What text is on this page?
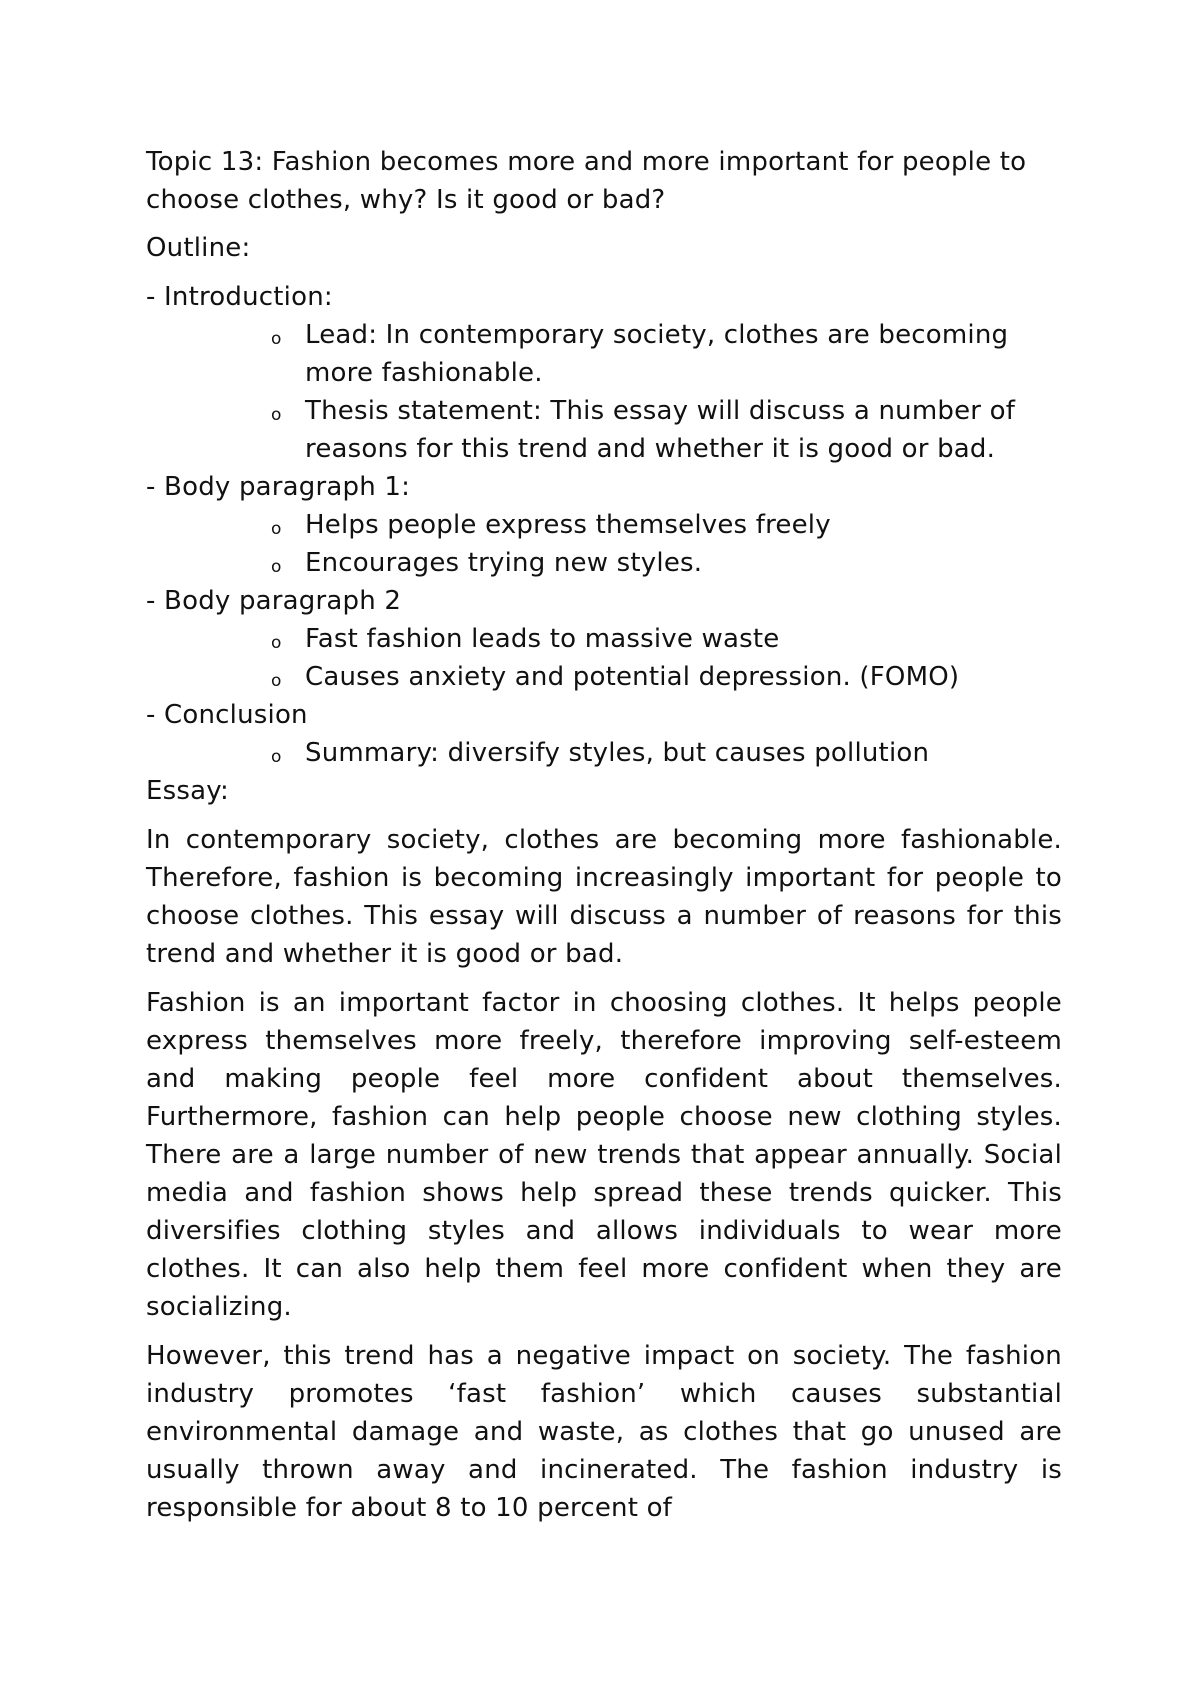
Topic 13: Fashion becomes more and more important for people to choose clothes, why? Is it good or bad?

Outline:

- Introduction:

o Lead: In contemporary society, clothes are becoming more fashionable.
o Thesis statement: This essay will discuss a number of reasons for this trend and whether it is good or bad.

- Body paragraph 1:

o Helps people express themselves freely
o Encourages trying new styles.

- Body paragraph 2

o Fast fashion leads to massive waste
o Causes anxiety and potential depression. (FOMO)

- Conclusion

o Summary: diversify styles, but causes pollution

Essay:

In contemporary society, clothes are becoming more fashionable. Therefore, fashion is becoming increasingly important for people to choose clothes. This essay will discuss a number of reasons for this trend and whether it is good or bad.

Fashion is an important factor in choosing clothes. It helps people express themselves more freely, therefore improving self-esteem and making people feel more confident about themselves. Furthermore, fashion can help people choose new clothing styles. There are a large number of new trends that appear annually. Social media and fashion shows help spread these trends quicker. This diversifies clothing styles and allows individuals to wear more clothes. It can also help them feel more confident when they are socializing.

However, this trend has a negative impact on society. The fashion industry promotes ‘fast fashion’ which causes substantial environmental damage and waste, as clothes that go unused are usually thrown away and incinerated. The fashion industry is responsible for about 8 to 10 percent of
